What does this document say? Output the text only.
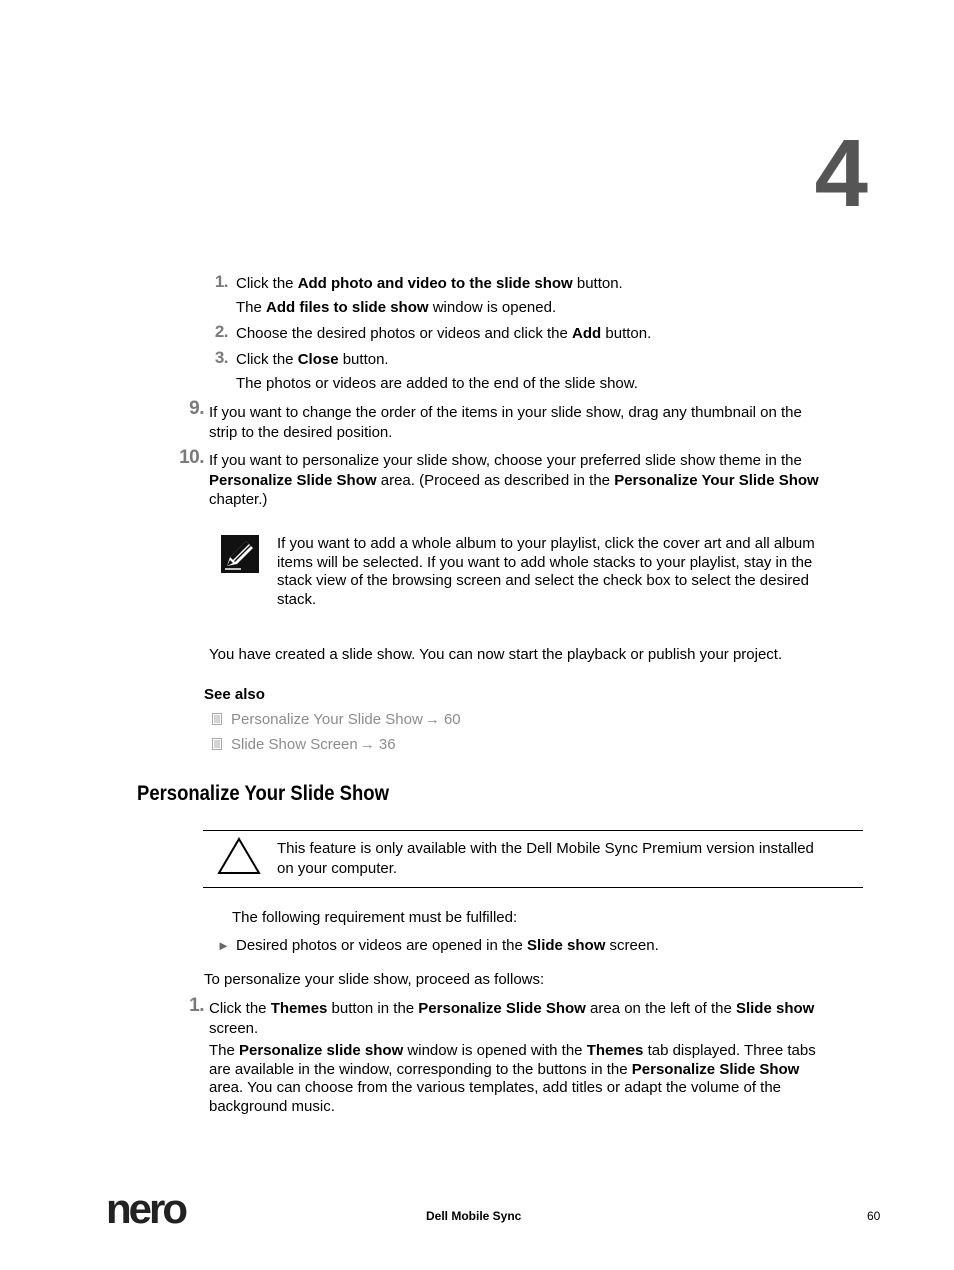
4
1. Click the Add photo and video to the slide show button.
The Add files to slide show window is opened.
2. Choose the desired photos or videos and click the Add button.
3. Click the Close button.
The photos or videos are added to the end of the slide show.
9. If you want to change the order of the items in your slide show, drag any thumbnail on the
strip to the desired position.
10. If you want to personalize your slide show, choose your preferred slide show theme in the
Personalize Slide Show area. (Proceed as described in the Personalize Your Slide Show
chapter.)
If you want to add a whole album to your playlist, click the cover art and all album
items will be selected. If you want to add whole stacks to your playlist, stay in the
stack view of the browsing screen and select the check box to select the desired
stack.
You have created a slide show. You can now start the playback or publish your project.
See also
Personalize Your Slide Show → 60
Slide Show Screen → 36
Personalize Your Slide Show
This feature is only available with the Dell Mobile Sync Premium version installed
on your computer.
The following requirement must be fulfilled:
► Desired photos or videos are opened in the Slide show screen.
To personalize your slide show, proceed as follows:
1. Click the Themes button in the Personalize Slide Show area on the left of the Slide show
screen.
The Personalize slide show window is opened with the Themes tab displayed. Three tabs
are available in the window, corresponding to the buttons in the Personalize Slide Show
area. You can choose from the various templates, add titles or adapt the volume of the
background music.
nero	Dell Mobile Sync	60
